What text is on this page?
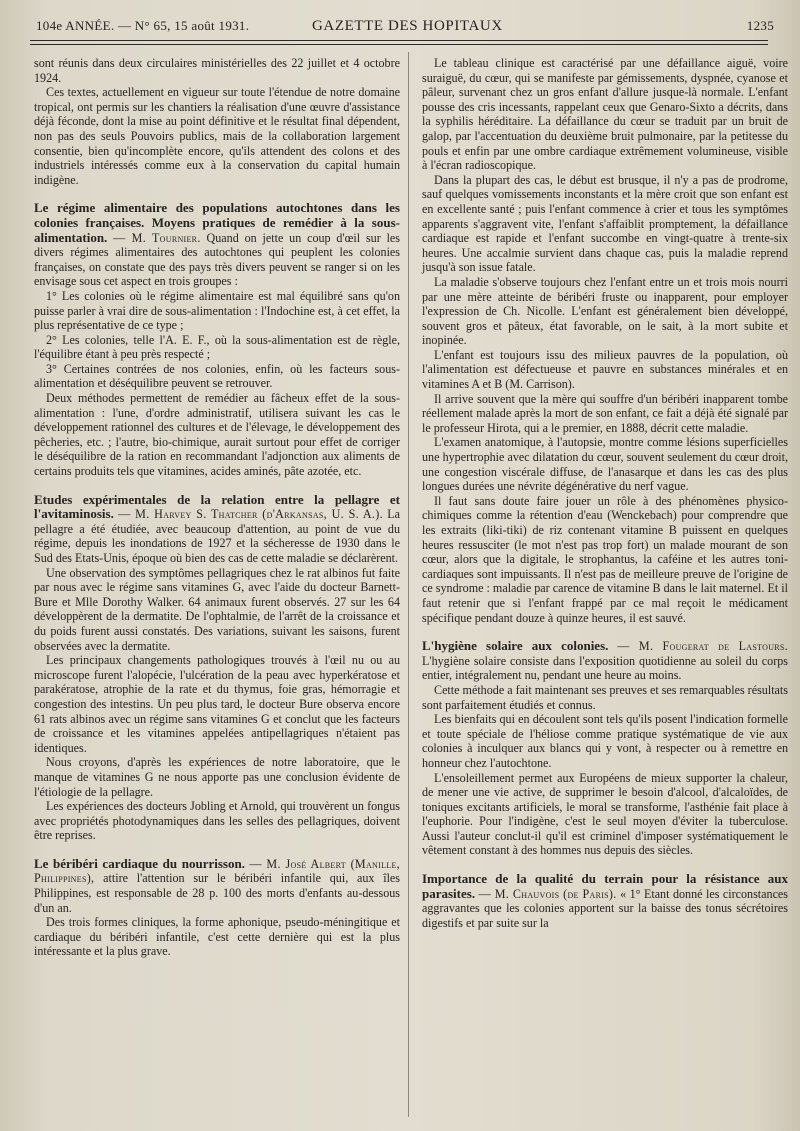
104e ANNÉE. — N° 65, 15 août 1931.	GAZETTE DES HOPITAUX	1235

sont réunis dans deux circulaires ministérielles des 22 juillet et 4 octobre 1924.

Ces textes, actuellement en vigueur sur toute l'étendue de notre domaine tropical, ont permis sur les chantiers la réalisation d'une œuvre d'assistance déjà féconde, dont la mise au point définitive et le résultat final dépendent, non pas des seuls Pouvoirs publics, mais de la collaboration largement consentie, bien qu'incomplète encore, qu'ils attendent des colons et des industriels intéressés comme eux à la conservation du capital humain indigène.

Le régime alimentaire des populations autochtones dans les colonies françaises. Moyens pratiques de remédier à la sous-alimentation. — M. Tournier. Quand on jette un coup d'œil sur les divers régimes alimentaires des autochtones qui peuplent les colonies françaises, on constate que des pays très divers peuvent se ranger si on les envisage sous cet aspect en trois groupes :

1° Les colonies où le régime alimentaire est mal équilibré sans qu'on puisse parler à vrai dire de sous-alimentation : l'Indochine est, à cet effet, la plus représentative de ce type ;

2° Les colonies, telle l'A. E. F., où la sous-alimentation est de règle, l'équilibre étant à peu près respecté ;

3° Certaines contrées de nos colonies, enfin, où les facteurs sous-alimentation et déséquilibre peuvent se retrouver.

Deux méthodes permettent de remédier au fâcheux effet de la sous-alimentation : l'une, d'ordre administratif, utilisera suivant les cas le développement rationnel des cultures et de l'élevage, le développement des pêcheries, etc. ; l'autre, bio-chimique, aurait surtout pour effet de corriger le déséquilibre de la ration en recommandant l'adjonction aux aliments de certains produits tels que vitamines, acides aminés, pâte azotée, etc.

Etudes expérimentales de la relation entre la pellagre et l'avitaminosis. — M. Harvey S. Thatcher (d'Arkansas, U. S. A.). La pellagre a été étudiée, avec beaucoup d'attention, au point de vue du régime, depuis les inondations de 1927 et la sécheresse de 1930 dans le Sud des Etats-Unis, époque où bien des cas de cette maladie se déclarèrent.

Une observation des symptômes pellagriques chez le rat albinos fut faite par nous avec le régime sans vitamines G, avec l'aide du docteur Barnett-Bure et Mlle Dorothy Walker. 64 animaux furent observés. 27 sur les 64 développèrent de la dermatite. De l'ophtalmie, de l'arrêt de la croissance et du poids furent aussi constatés. Des variations, suivant les saisons, furent observées avec la dermatite.

Les principaux changements pathologiques trouvés à l'œil nu ou au microscope furent l'alopécie, l'ulcération de la peau avec hyperkératose et parakératose, atrophie de la rate et du thymus, foie gras, hémorragie et congestion des intestins. Un peu plus tard, le docteur Bure observa encore 61 rats albinos avec un régime sans vitamines G et conclut que les facteurs de croissance et les vitamines appelées antipellagriques n'étaient pas identiques.

Nous croyons, d'après les expériences de notre laboratoire, que le manque de vitamines G ne nous apporte pas une conclusion évidente de l'étiologie de la pellagre.

Les expériences des docteurs Jobling et Arnold, qui trouvèrent un fongus avec propriétés photodynamiques dans les selles des pellagriques, doivent être reprises.

Le béribéri cardiaque du nourrisson. — M. José Albert (Manille, Philippines), attire l'attention sur le béribéri infantile qui, aux îles Philippines, est responsable de 28 p. 100 des morts d'enfants au-dessous d'un an.

Des trois formes cliniques, la forme aphonique, pseudo-méningitique et cardiaque du béribéri infantile, c'est cette dernière qui est la plus intéressante et la plus grave.

Le tableau clinique est caractérisé par une défaillance aiguë, voire suraiguë, du cœur, qui se manifeste par gémissements, dyspnée, cyanose et pâleur, survenant chez un gros enfant d'allure jusque-là normale. L'enfant pousse des cris incessants, rappelant ceux que Genaro-Sixto a décrits, dans la syphilis héréditaire. La défaillance du cœur se traduit par un bruit de galop, par l'accentuation du deuxième bruit pulmonaire, par la petitesse du pouls et enfin par une ombre cardiaque extrêmement volumineuse, visible à l'écran radioscopique.

Dans la plupart des cas, le début est brusque, il n'y a pas de prodrome, sauf quelques vomissements inconstants et la mère croit que son enfant est en excellente santé ; puis l'enfant commence à crier et tous les symptômes apparents s'aggravent vite, l'enfant s'affaiblit promptement, la défaillance cardiaque est rapide et l'enfant succombe en vingt-quatre à trente-six heures. Une accalmie survient dans chaque cas, puis la maladie reprend jusqu'à son issue fatale.

La maladie s'observe toujours chez l'enfant entre un et trois mois nourri par une mère atteinte de béribéri fruste ou inapparent, pour employer l'expression de Ch. Nicolle. L'enfant est généralement bien développé, souvent gros et pâteux, état favorable, on le sait, à la mort subite et inopinée.

L'enfant est toujours issu des milieux pauvres de la population, où l'alimentation est défectueuse et pauvre en substances minérales et en vitamines A et B (M. Carrison).

Il arrive souvent que la mère qui souffre d'un béribéri inapparent tombe réellement malade après la mort de son enfant, ce fait a déjà été signalé par le professeur Hirota, qui a le premier, en 1888, décrit cette maladie.

L'examen anatomique, à l'autopsie, montre comme lésions superficielles une hypertrophie avec dilatation du cœur, souvent seulement du cœur droit, une congestion viscérale diffuse, de l'anasarque et dans les cas des plus longues durées une névrite dégénérative du nerf vague.

Il faut sans doute faire jouer un rôle à des phénomènes physico-chimiques comme la rétention d'eau (Wenckebach) pour comprendre que les extraits (liki-tiki) de riz contenant vitamine B puissent en quelques heures ressusciter (le mot n'est pas trop fort) un malade mourant de son cœur, alors que la digitale, le strophantus, la caféine et les autres toni-cardiaques sont impuissants. Il n'est pas de meilleure preuve de l'origine de ce syndrome : maladie par carence de vitamine B dans le lait maternel. Et il faut retenir que si l'enfant frappé par ce mal reçoit le médicament spécifique pendant douze à quinze heures, il est sauvé.

L'hygiène solaire aux colonies. — M. Fougerat de Lastours. L'hygiène solaire consiste dans l'exposition quotidienne au soleil du corps entier, intégralement nu, pendant une heure au moins.

Cette méthode a fait maintenant ses preuves et ses remarquables résultats sont parfaitement étudiés et connus.

Les bienfaits qui en découlent sont tels qu'ils posent l'indication formelle et toute spéciale de l'héliose comme pratique systématique de vie aux colonies à inculquer aux blancs qui y vont, à respecter ou à remettre en honneur chez l'autochtone.

L'ensoleillement permet aux Européens de mieux supporter la chaleur, de mener une vie active, de supprimer le besoin d'alcool, d'alcaloïdes, de toniques excitants artificiels, le moral se transforme, l'asthénie fait place à l'euphorie. Pour l'indigène, c'est le seul moyen d'éviter la tuberculose. Aussi l'auteur conclut-il qu'il est criminel d'imposer systématiquement le vêtement constant à des hommes nus depuis des siècles.

Importance de la qualité du terrain pour la résistance aux parasites. — M. Chauvois (de Paris). « 1° Etant donné les circonstances aggravantes que les colonies apportent sur la baisse des tonus sécrétoires digestifs et par suite sur la
